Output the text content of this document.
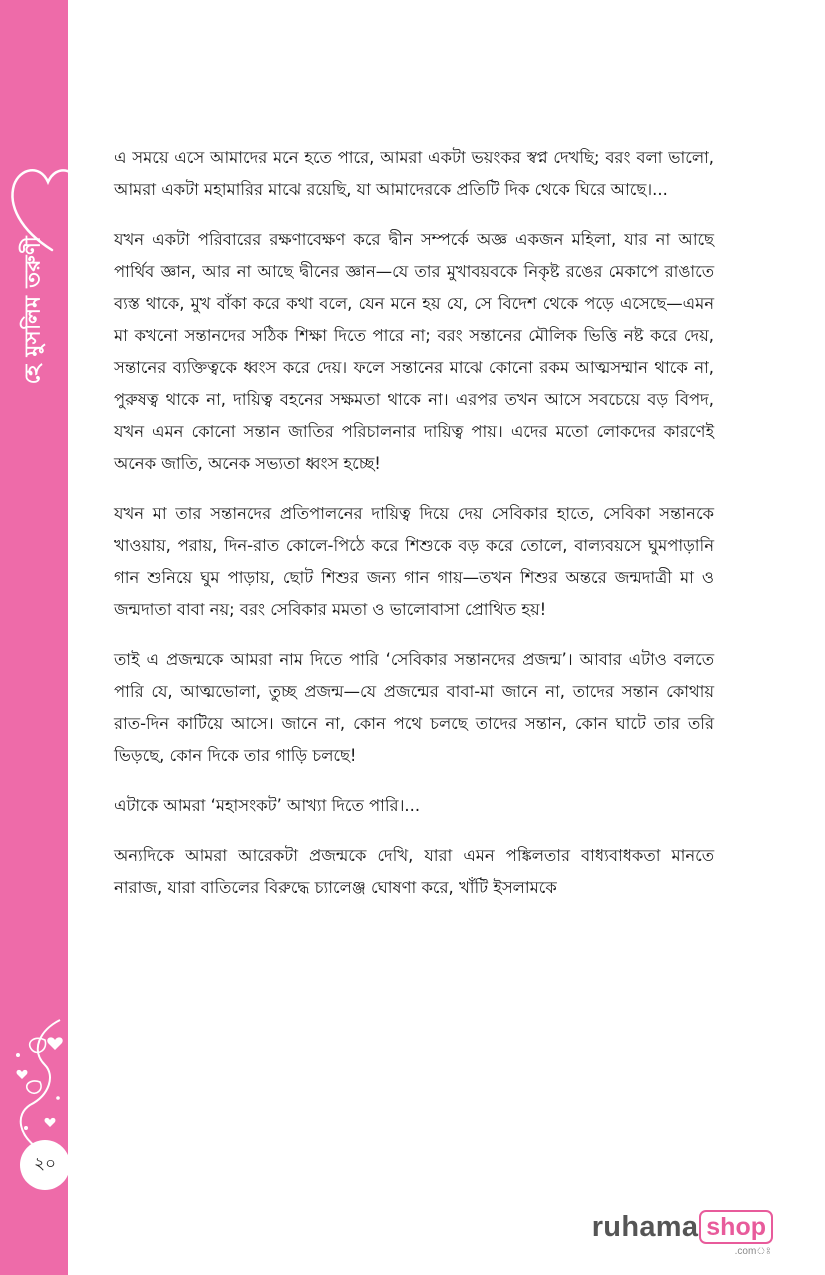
হে মুসলিম তরুণী
২০

এ সময়ে এসে আমাদের মনে হতে পারে, আমরা একটা ভয়ংকর স্বপ্ন দেখছি; বরং বলা ভালো, আমরা একটা মহামারির মাঝে রয়েছি, যা আমাদেরকে প্রতিটি দিক থেকে ঘিরে আছে।...

যখন একটা পরিবারের রক্ষণাবেক্ষণ করে দ্বীন সম্পর্কে অজ্ঞ একজন মহিলা, যার না আছে পার্থিব জ্ঞান, আর না আছে দ্বীনের জ্ঞান—যে তার মুখাবয়বকে নিকৃষ্ট রঙের মেকাপে রাঙাতে ব্যস্ত থাকে, মুখ বাঁকা করে কথা বলে, যেন মনে হয় যে, সে বিদেশ থেকে পড়ে এসেছে—এমন মা কখনো সন্তানদের সঠিক শিক্ষা দিতে পারে না; বরং সন্তানের মৌলিক ভিত্তি নষ্ট করে দেয়, সন্তানের ব্যক্তিত্বকে ধ্বংস করে দেয়। ফলে সন্তানের মাঝে কোনো রকম আত্মসম্মান থাকে না, পুরুষত্ব থাকে না, দায়িত্ব বহনের সক্ষমতা থাকে না। এরপর তখন আসে সবচেয়ে বড় বিপদ, যখন এমন কোনো সন্তান জাতির পরিচালনার দায়িত্ব পায়। এদের মতো লোকদের কারণেই অনেক জাতি, অনেক সভ্যতা ধ্বংস হচ্ছে!

যখন মা তার সন্তানদের প্রতিপালনের দায়িত্ব দিয়ে দেয় সেবিকার হাতে, সেবিকা সন্তানকে খাওয়ায়, পরায়, দিন-রাত কোলে-পিঠে করে শিশুকে বড় করে তোলে, বাল্যবয়সে ঘুমপাড়ানি গান শুনিয়ে ঘুম পাড়ায়, ছোট শিশুর জন্য গান গায়—তখন শিশুর অন্তরে জন্মদাত্রী মা ও জন্মদাতা বাবা নয়; বরং সেবিকার মমতা ও ভালোবাসা প্রোথিত হয়!

তাই এ প্রজন্মকে আমরা নাম দিতে পারি ‘সেবিকার সন্তানদের প্রজন্ম’। আবার এটাও বলতে পারি যে, আত্মভোলা, তুচ্ছ প্রজন্ম—যে প্রজন্মের বাবা-মা জানে না, তাদের সন্তান কোথায় রাত-দিন কাটিয়ে আসে। জানে না, কোন পথে চলছে তাদের সন্তান, কোন ঘাটে তার তরি ভিড়ছে, কোন দিকে তার গাড়ি চলছে!

এটাকে আমরা ‘মহাসংকট’ আখ্যা দিতে পারি।...

অন্যদিকে আমরা আরেকটা প্রজন্মকে দেখি, যারা এমন পঙ্কিলতার বাধ্যবাধকতা মানতে নারাজ, যারা বাতিলের বিরুদ্ধে চ্যালেঞ্জ ঘোষণা করে, খাঁটি ইসলামকে

ruhama shop
.comঃ
